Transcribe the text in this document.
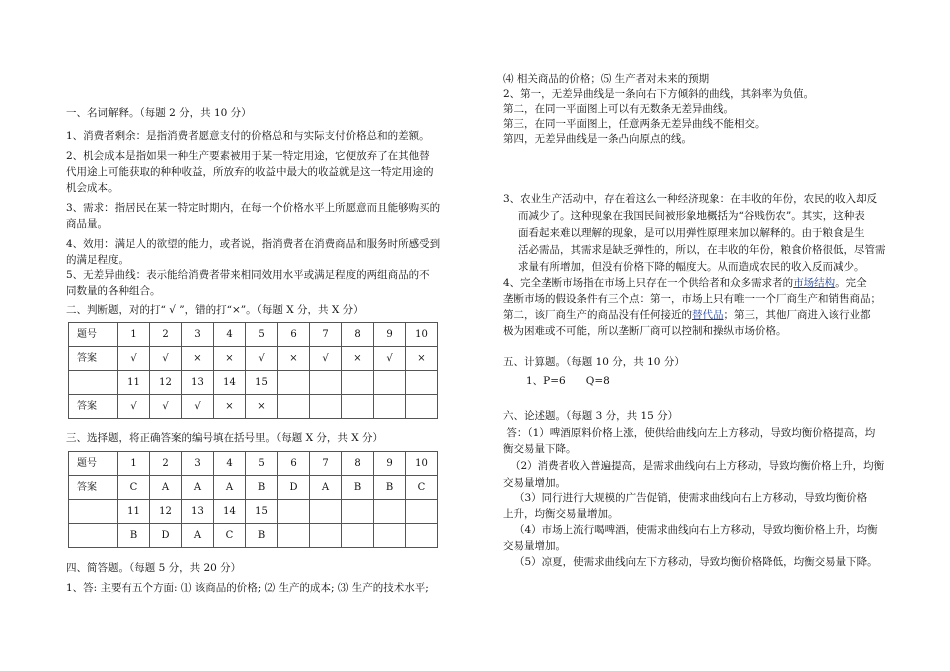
一、名词解释。（每题 2 分，共 10 分）
1、消费者剩余：是指消费者愿意支付的价格总和与实际支付价格总和的差额。
2、机会成本是指如果一种生产要素被用于某一特定用途，它便放弃了在其他替
代用途上可能获取的种种收益，所放弃的收益中最大的收益就是这一特定用途的
机会成本。
3、需求：指居民在某一特定时期内，在每一个价格水平上所愿意而且能够购买的
商品量。
4、效用：满足人的欲望的能力，或者说，指消费者在消费商品和服务时所感受到
的满足程度。
5、无差异曲线：表示能给消费者带来相同效用水平或满足程度的两组商品的不
同数量的各种组合。
二、判断题，对的打“ √ ”，错的打“×”。（每题 X 分，共 X 分）
题号	1	2	3	4	5	6	7	8	9	10
答案	√	√	×	×	√	×	√	×	√	×
	11	12	13	14	15					
答案	√	√	√	×	×					
三、选择题，将正确答案的编号填在括号里。（每题 X 分，共 X 分）
题号	1	2	3	4	5	6	7	8	9	10
答案	C	A	A	A	B	D	A	B	B	C
	11	12	13	14	15					
	B	D	A	C	B					
四、简答题。（每题 5 分，共 20 分）
1、答: 主要有五个方面: ⑴ 该商品的价格; ⑵ 生产的成本; ⑶ 生产的技术水平;
⑷ 相关商品的价格；⑸ 生产者对未来的预期
2、第一，无差异曲线是一条向右下方倾斜的曲线，其斜率为负值。
第二，在同一平面图上可以有无数条无差异曲线。
第三，在同一平面图上，任意两条无差异曲线不能相交。
第四，无差异曲线是一条凸向原点的线。
3、农业生产活动中，存在着这么一种经济现象：在丰收的年份，农民的收入却反
而减少了。这种现象在我国民间被形象地概括为“谷贱伤农”。其实，这种表
面看起来难以理解的现象，是可以用弹性原理来加以解释的。由于粮食是生
活必需品，其需求是缺乏弹性的，所以，在丰收的年份，粮食价格很低，尽管需
求量有所增加，但没有价格下降的幅度大。从而造成农民的收入反而减少。
4、完全垄断市场指在市场上只存在一个供给者和众多需求者的市场结构。完全
垄断市场的假设条件有三个点：第一，市场上只有唯一一个厂商生产和销售商品；
第二，该厂商生产的商品没有任何接近的替代品；第三，其他厂商进入该行业都
极为困难或不可能，所以垄断厂商可以控制和操纵市场价格。
五、计算题。（每题 10 分，共 10 分）
1、P=6      Q=8
六、论述题。（每题 3 分，共 15 分）
答：（1）啤酒原料价格上涨，使供给曲线向左上方移动，导致均衡价格提高，均
衡交易量下降。
（2）消费者收入普遍提高，是需求曲线向右上方移动，导致均衡价格上升，均衡
交易量增加。
（3）同行进行大规模的广告促销，使需求曲线向右上方移动，导致均衡价格
上升，均衡交易量增加。
（4）市场上流行喝啤酒，使需求曲线向右上方移动，导致均衡价格上升，均衡
交易量增加。
（5）凉夏，使需求曲线向左下方移动，导致均衡价格降低，均衡交易量下降。
